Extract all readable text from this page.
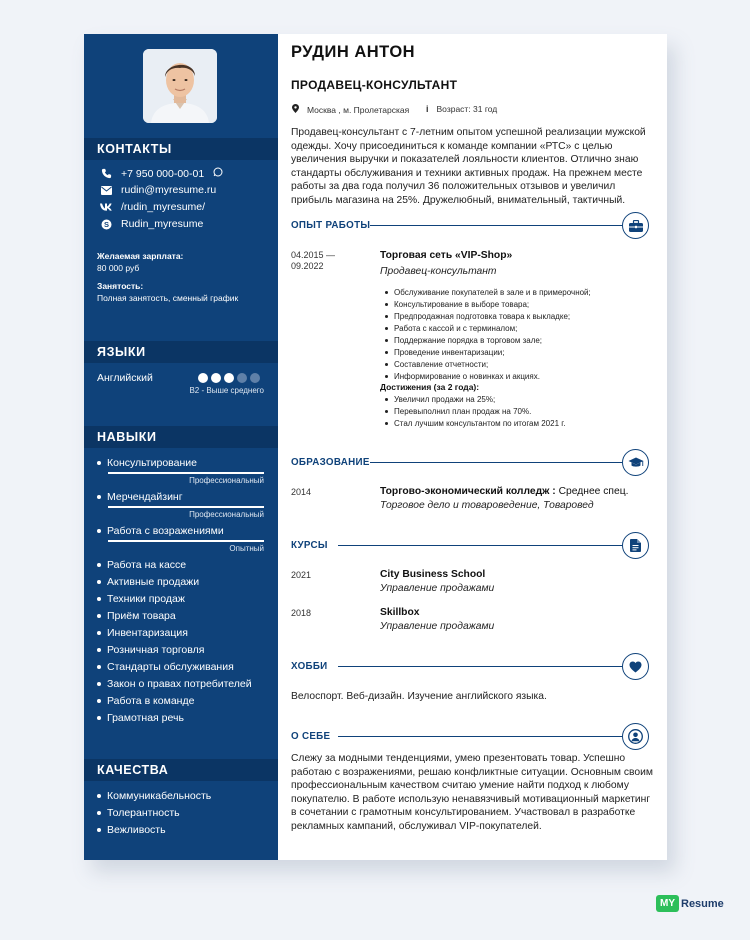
КОНТАКТЫ
+7 950 000-00-01
rudin@myresume.ru
/rudin_myresume/
S Rudin_myresume
Желаемая зарплата:
80 000 руб
Занятость:
Полная занятость, сменный график
ЯЗЫКИ
Английский
B2 - Выше среднего
НАВЫКИ
Консультирование
Профессиональный
Мерчендайзинг
Профессиональный
Работа с возражениями
Опытный
Работа на кассе
Активные продажи
Техники продаж
Приём товара
Инвентаризация
Розничная торговля
Стандарты обслуживания
Закон о правах потребителей
Работа в команде
Грамотная речь
КАЧЕСТВА
Коммуникабельность
Толерантность
Вежливость
РУДИН АНТОН
ПРОДАВЕЦ-КОНСУЛЬТАНТ
Москва , м. Пролетарская i Возраст: 31 год
Продавец-консультант с 7-летним опытом успешной реализации мужской одежды. Хочу присоединиться к команде компании «РТС» с целью увеличения выручки и показателей лояльности клиентов. Отлично знаю стандарты обслуживания и техники активных продаж. На прежнем месте работы за два года получил 36 положительных отзывов и увеличил прибыль магазина на 25%. Дружелюбный, внимательный, тактичный.
ОПЫТ РАБОТЫ
04.2015 — 09.2022
Торговая сеть «VIP-Shop»
Продавец-консультант
Обслуживание покупателей в зале и в примерочной;
Консультирование в выборе товара;
Предпродажная подготовка товара к выкладке;
Работа с кассой и с терминалом;
Поддержание порядка в торговом зале;
Проведение инвентаризации;
Составление отчетности;
Информирование о новинках и акциях.
Достижения (за 2 года):
Увеличил продажи на 25%;
Перевыполнил план продаж на 70%.
Стал лучшим консультантом по итогам 2021 г.
ОБРАЗОВАНИЕ
2014	Торгово-экономический колледж : Среднее спец.
Торговое дело и товароведение, Товаровед
КУРСЫ
2021	City Business School
Управление продажами
2018	Skillbox
Управление продажами
ХОББИ
Велоспорт. Веб-дизайн. Изучение английского языка.
О СЕБЕ
Слежу за модными тенденциями, умею презентовать товар. Успешно работаю с возражениями, решаю конфликтные ситуации. Основным своим профессиональным качеством считаю умение найти подход к любому покупателю. В работе использую ненавязчивый мотивационный маркетинг в сочетании с грамотным консультированием. Участвовал в разработке рекламных кампаний, обслуживал VIP-покупателей.
MY Resume
